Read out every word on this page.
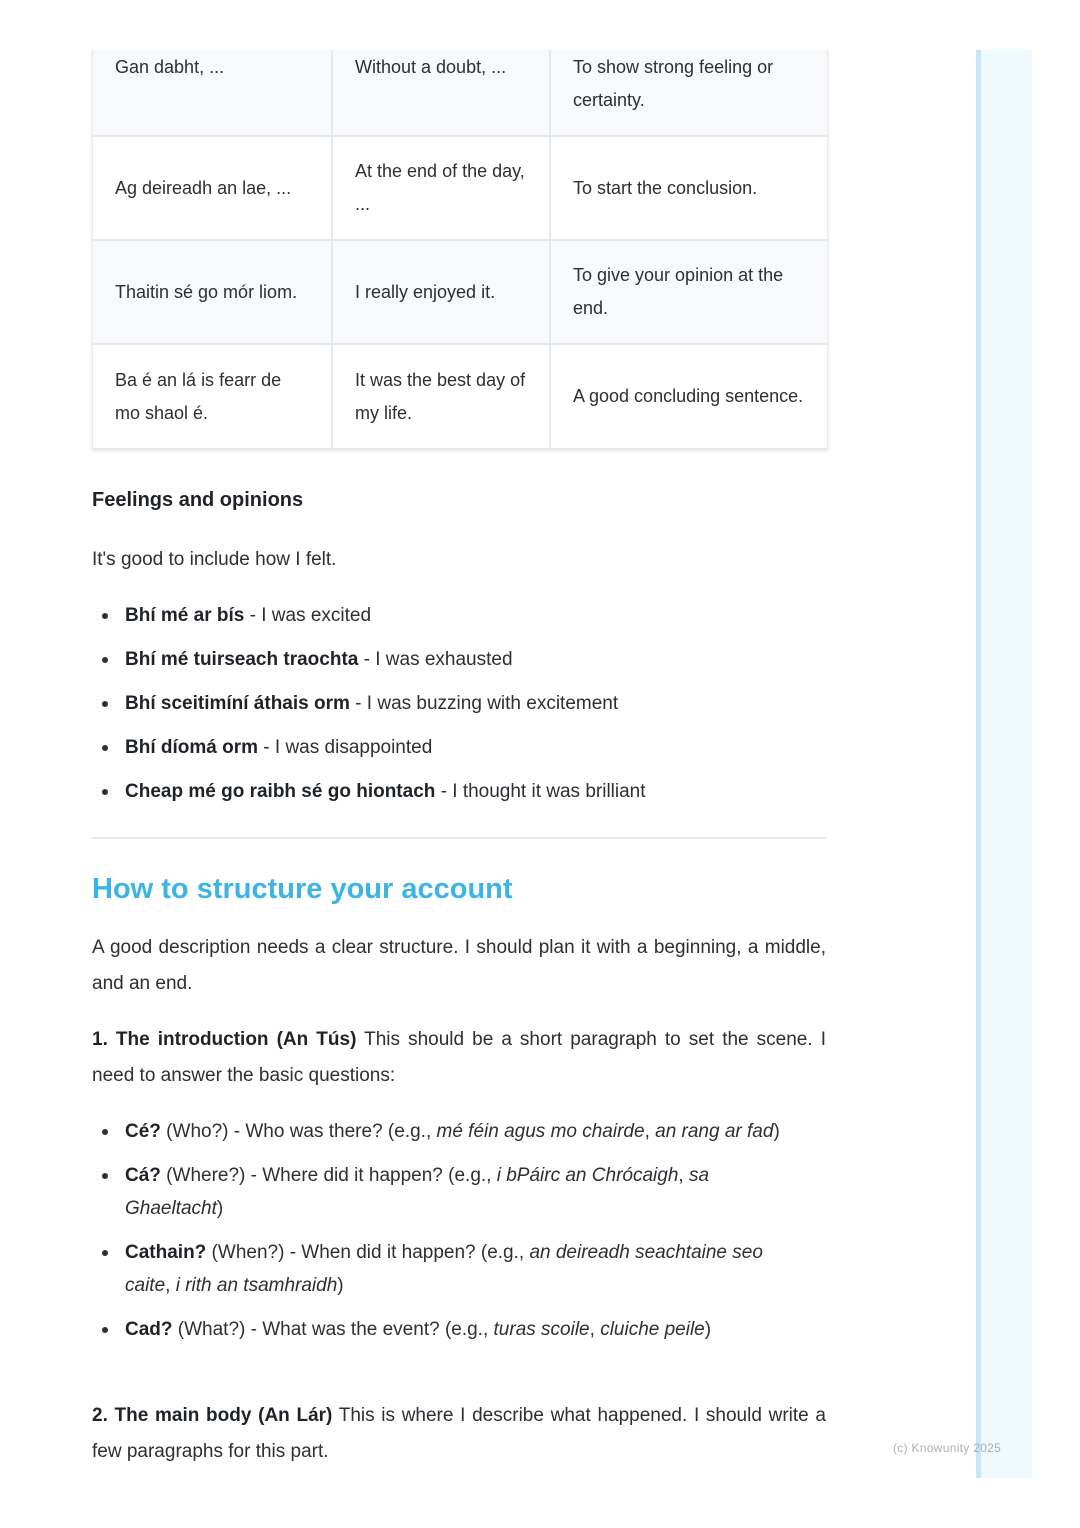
Gan dabht, ...	Without a doubt, ...	To show strong feeling or certainty.
Ag deireadh an lae, ...	At the end of the day, ...	To start the conclusion.
Thaitin sé go mór liom.	I really enjoyed it.	To give your opinion at the end.
Ba é an lá is fearr de mo shaol é.	It was the best day of my life.	A good concluding sentence.
Feelings and opinions
It's good to include how I felt.
Bhí mé ar bís - I was excited
Bhí mé tuirseach traochta - I was exhausted
Bhí sceitimíní áthais orm - I was buzzing with excitement
Bhí díomá orm - I was disappointed
Cheap mé go raibh sé go hiontach - I thought it was brilliant
How to structure your account
A good description needs a clear structure. I should plan it with a beginning, a middle, and an end.
1. The introduction (An Tús) This should be a short paragraph to set the scene. I need to answer the basic questions:
Cé? (Who?) - Who was there? (e.g., mé féin agus mo chairde, an rang ar fad)
Cá? (Where?) - Where did it happen? (e.g., i bPáirc an Chrócaigh, sa Ghaeltacht)
Cathain? (When?) - When did it happen? (e.g., an deireadh seachtaine seo caite, i rith an tsamhraidh)
Cad? (What?) - What was the event? (e.g., turas scoile, cluiche peile)
2. The main body (An Lár) This is where I describe what happened. I should write a few paragraphs for this part.	(c) Knowunity 2025
